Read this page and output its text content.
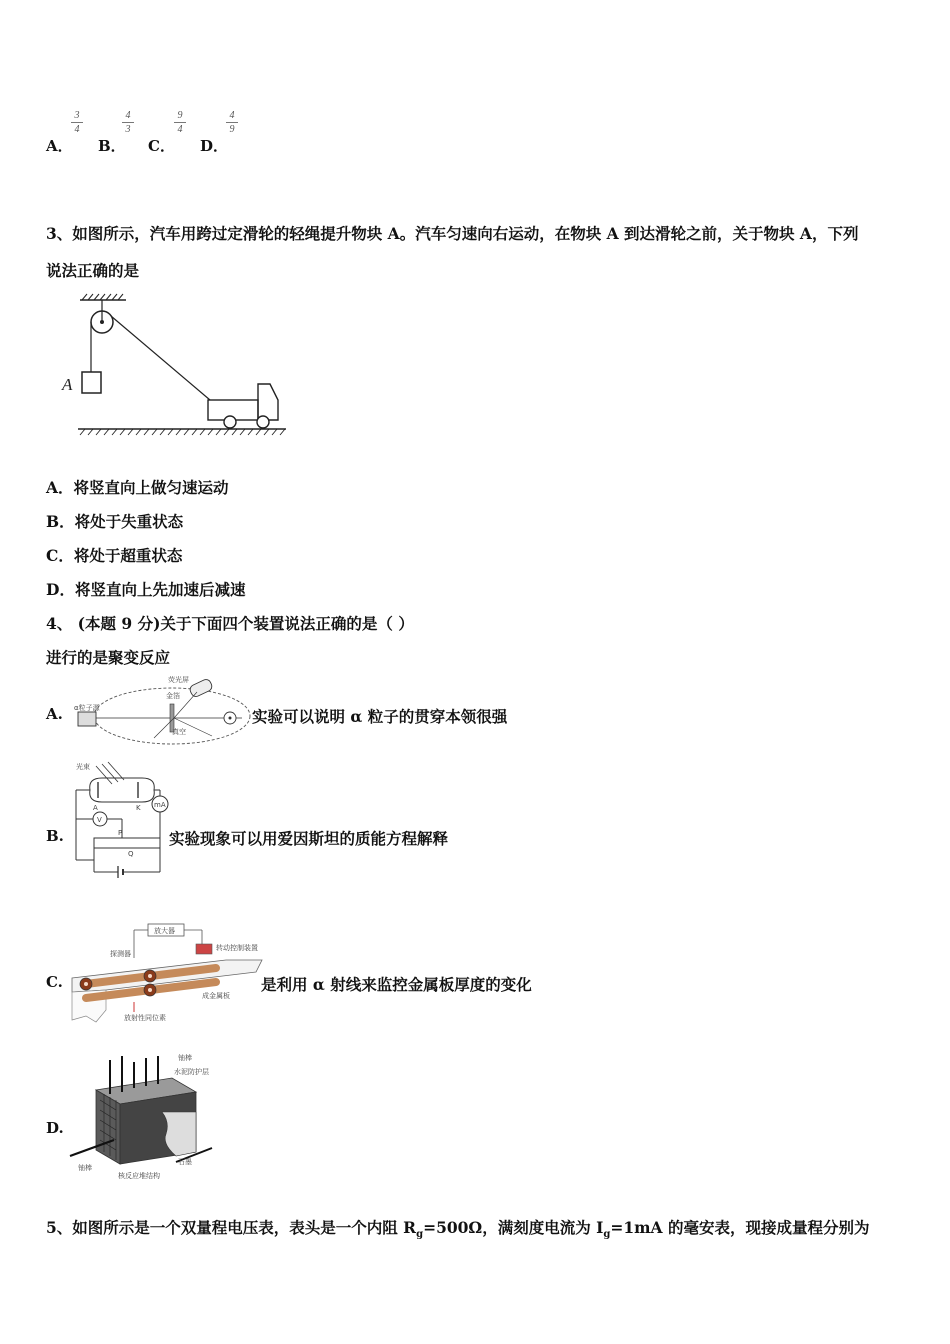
A．
3
4
B．
4
3
C．
9
4
D．
4
9
3、如图所示，汽车用跨过定滑轮的轻绳提升物块 A。汽车匀速向右运动，在物块 A 到达滑轮之前，关于物块 A，下列
说法正确的是
A
A．将竖直向上做匀速运动
B．将处于失重状态
C．将处于超重状态
D．将竖直向上先加速后减速
4、 (本题 9 分)关于下面四个装置说法正确的是（ ）
进行的是聚变反应
A. α粒子源
金箔
荧光屏
真空
实验可以说明 α 粒子的贯穿本领很强
B.
光束
A	K mA
V
P
Q
实验现象可以用爱因斯坦的质能方程解释
C.
放大器
转动控制装置
探测器
放射性同位素
成金属板
是利用 α 射线来监控金属板厚度的变化
D.
铀棒
水泥防护层
石墨
铀棒
核反应堆结构
5、如图所示是一个双量程电压表，表头是一个内阻 $R_g=500\Omega$，满刻度电流为 $I_g=1mA$ 的毫安表，现接成量程分别为
